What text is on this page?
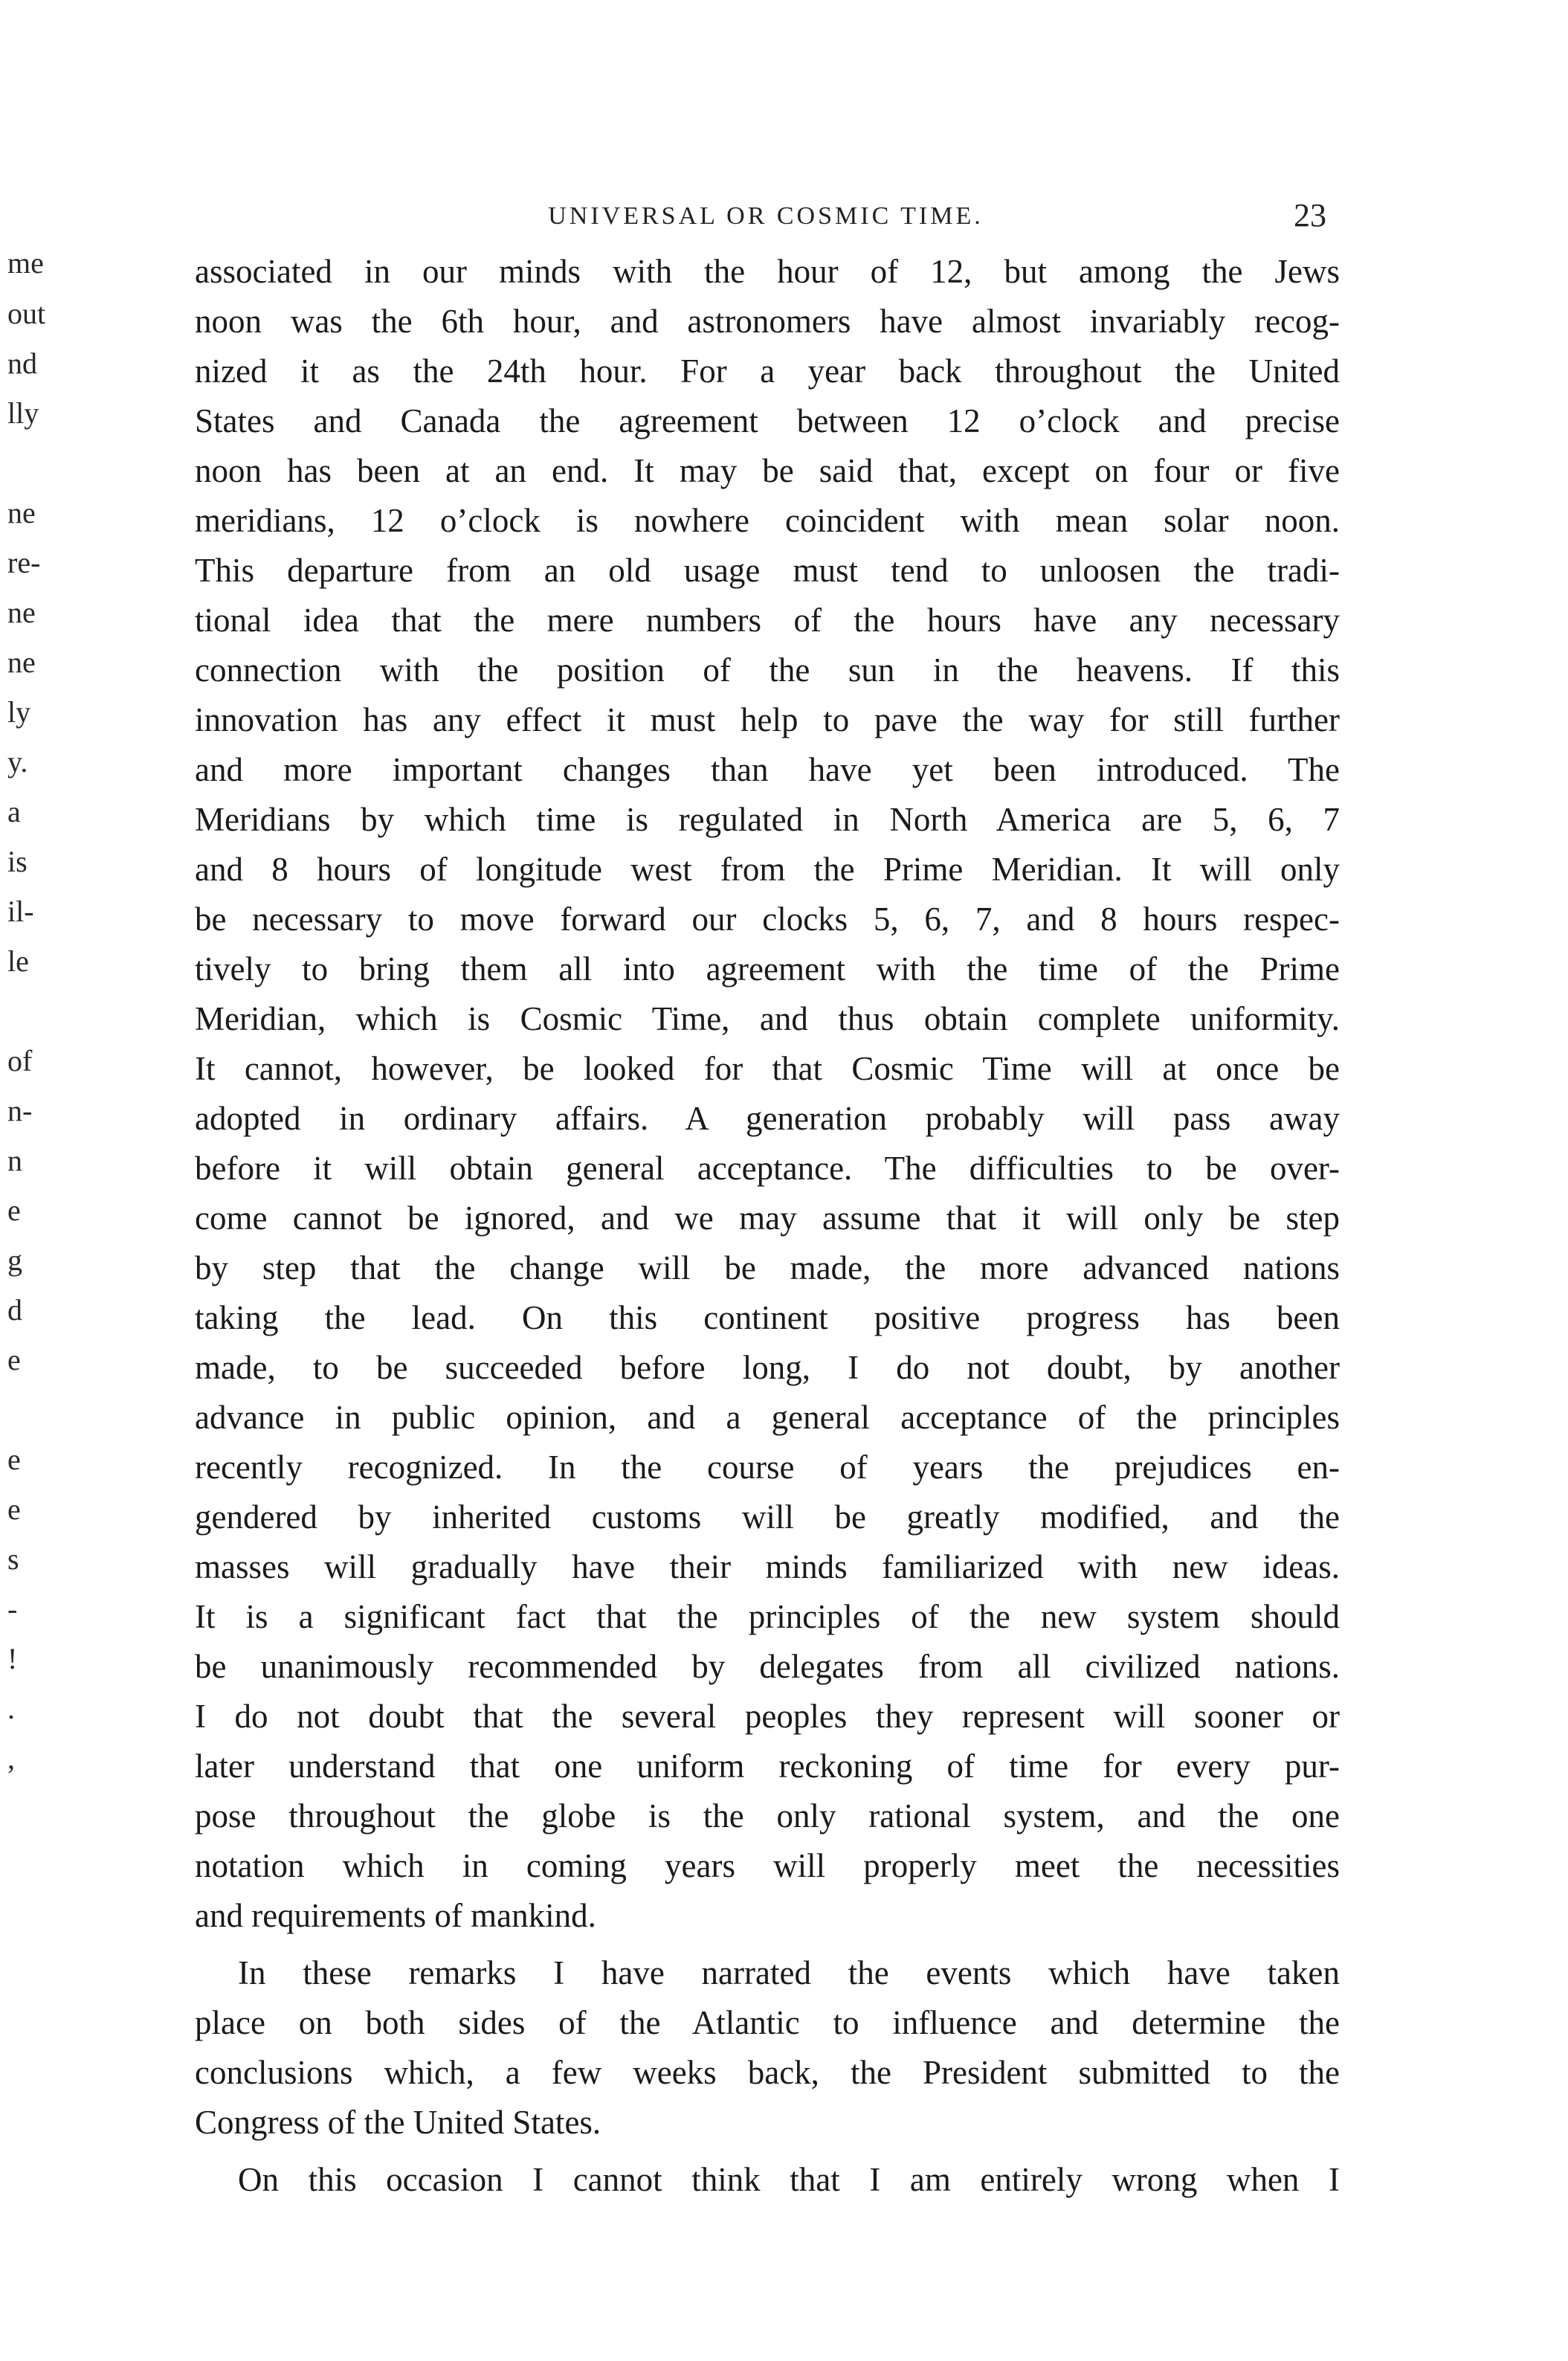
UNIVERSAL OR COSMIC TIME.	23
me
out
nd
lly
ne
re-
ne
ne
ly
y.
a
is
il-
le
of
n-
n
e
g
d
e
e
e
s
-
!
.
,
associated in our minds with the hour of 12, but among the Jews
noon was the 6th hour, and astronomers have almost invariably recog-
nized it as the 24th hour. For a year back throughout the United
States and Canada the agreement between 12 o’clock and precise
noon has been at an end. It may be said that, except on four or five
meridians, 12 o’clock is nowhere coincident with mean solar noon.
This departure from an old usage must tend to unloosen the tradi-
tional idea that the mere numbers of the hours have any necessary
connection with the position of the sun in the heavens. If this
innovation has any effect it must help to pave the way for still further
and more important changes than have yet been introduced. The
Meridians by which time is regulated in North America are 5, 6, 7
and 8 hours of longitude west from the Prime Meridian. It will only
be necessary to move forward our clocks 5, 6, 7, and 8 hours respec-
tively to bring them all into agreement with the time of the Prime
Meridian, which is Cosmic Time, and thus obtain complete uniformity.
It cannot, however, be looked for that Cosmic Time will at once be
adopted in ordinary affairs. A generation probably will pass away
before it will obtain general acceptance. The difficulties to be over-
come cannot be ignored, and we may assume that it will only be step
by step that the change will be made, the more advanced nations
taking the lead. On this continent positive progress has been
made, to be succeeded before long, I do not doubt, by another
advance in public opinion, and a general acceptance of the principles
recently recognized. In the course of years the prejudices en-
gendered by inherited customs will be greatly modified, and the
masses will gradually have their minds familiarized with new ideas.
It is a significant fact that the principles of the new system should
be unanimously recommended by delegates from all civilized nations.
I do not doubt that the several peoples they represent will sooner or
later understand that one uniform reckoning of time for every pur-
pose throughout the globe is the only rational system, and the one
notation which in coming years will properly meet the necessities
and requirements of mankind.
In these remarks I have narrated the events which have taken
place on both sides of the Atlantic to influence and determine the
conclusions which, a few weeks back, the President submitted to the
Congress of the United States.
On this occasion I cannot think that I am entirely wrong when I
